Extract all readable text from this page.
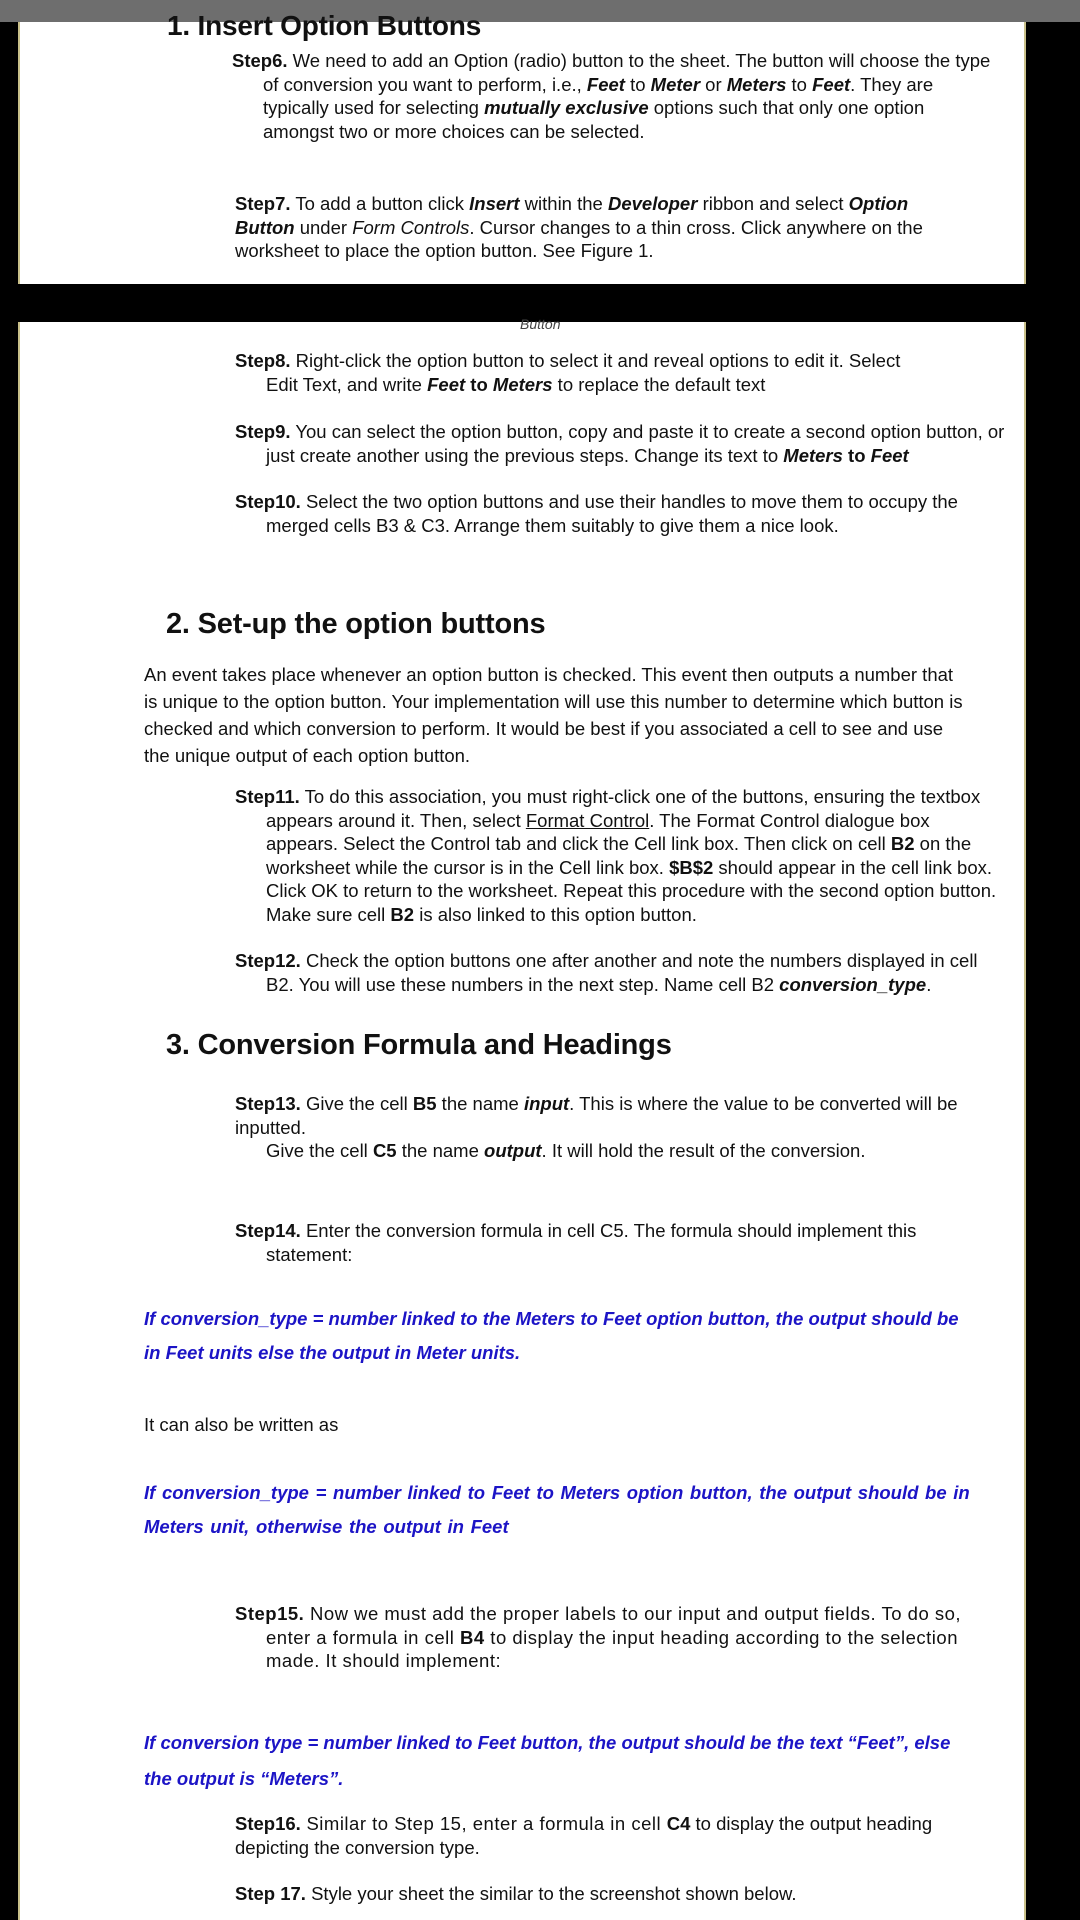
1. Insert Option Buttons

Step6. We need to add an Option (radio) button to the sheet. The button will choose the type of conversion you want to perform, i.e., Feet to Meter or Meters to Feet. They are typically used for selecting mutually exclusive options such that only one option amongst two or more choices can be selected.

Step7. To add a button click Insert within the Developer ribbon and select Option Button under Form Controls. Cursor changes to a thin cross. Click anywhere on the worksheet to place the option button. See Figure 1.

Button

Step8. Right-click the option button to select it and reveal options to edit it. Select
Edit Text, and write Feet to Meters to replace the default text

Step9. You can select the option button, copy and paste it to create a second option button, or just create another using the previous steps. Change its text to Meters to Feet

Step10. Select the two option buttons and use their handles to move them to occupy the merged cells B3 & C3. Arrange them suitably to give them a nice look.

2. Set-up the option buttons

An event takes place whenever an option button is checked. This event then outputs a number that is unique to the option button. Your implementation will use this number to determine which button is checked and which conversion to perform. It would be best if you associated a cell to see and use the unique output of each option button.

Step11. To do this association, you must right-click one of the buttons, ensuring the textbox appears around it. Then, select Format Control. The Format Control dialogue box appears. Select the Control tab and click the Cell link box. Then click on cell B2 on the worksheet while the cursor is in the Cell link box. $B$2 should appear in the cell link box. Click OK to return to the worksheet. Repeat this procedure with the second option button. Make sure cell B2 is also linked to this option button.

Step12. Check the option buttons one after another and note the numbers displayed in cell B2. You will use these numbers in the next step. Name cell B2 conversion_type.

3. Conversion Formula and Headings

Step13. Give the cell B5 the name input. This is where the value to be converted will be inputted.
Give the cell C5 the name output. It will hold the result of the conversion.

Step14. Enter the conversion formula in cell C5. The formula should implement this statement:

If conversion_type = number linked to the Meters to Feet option button, the output should be in Feet units else the output in Meter units.

It can also be written as

If conversion_type = number linked to Feet to Meters option button, the output should be in Meters unit, otherwise the output in Feet

Step15. Now we must add the proper labels to our input and output fields. To do so, enter a formula in cell B4 to display the input heading according to the selection made. It should implement:

If conversion type = number linked to Feet button, the output should be the text “Feet”, else the output is “Meters”.

Step16. Similar to Step 15, enter a formula in cell C4 to display the output heading depicting the conversion type.

Step 17. Style your sheet the similar to the screenshot shown below.
